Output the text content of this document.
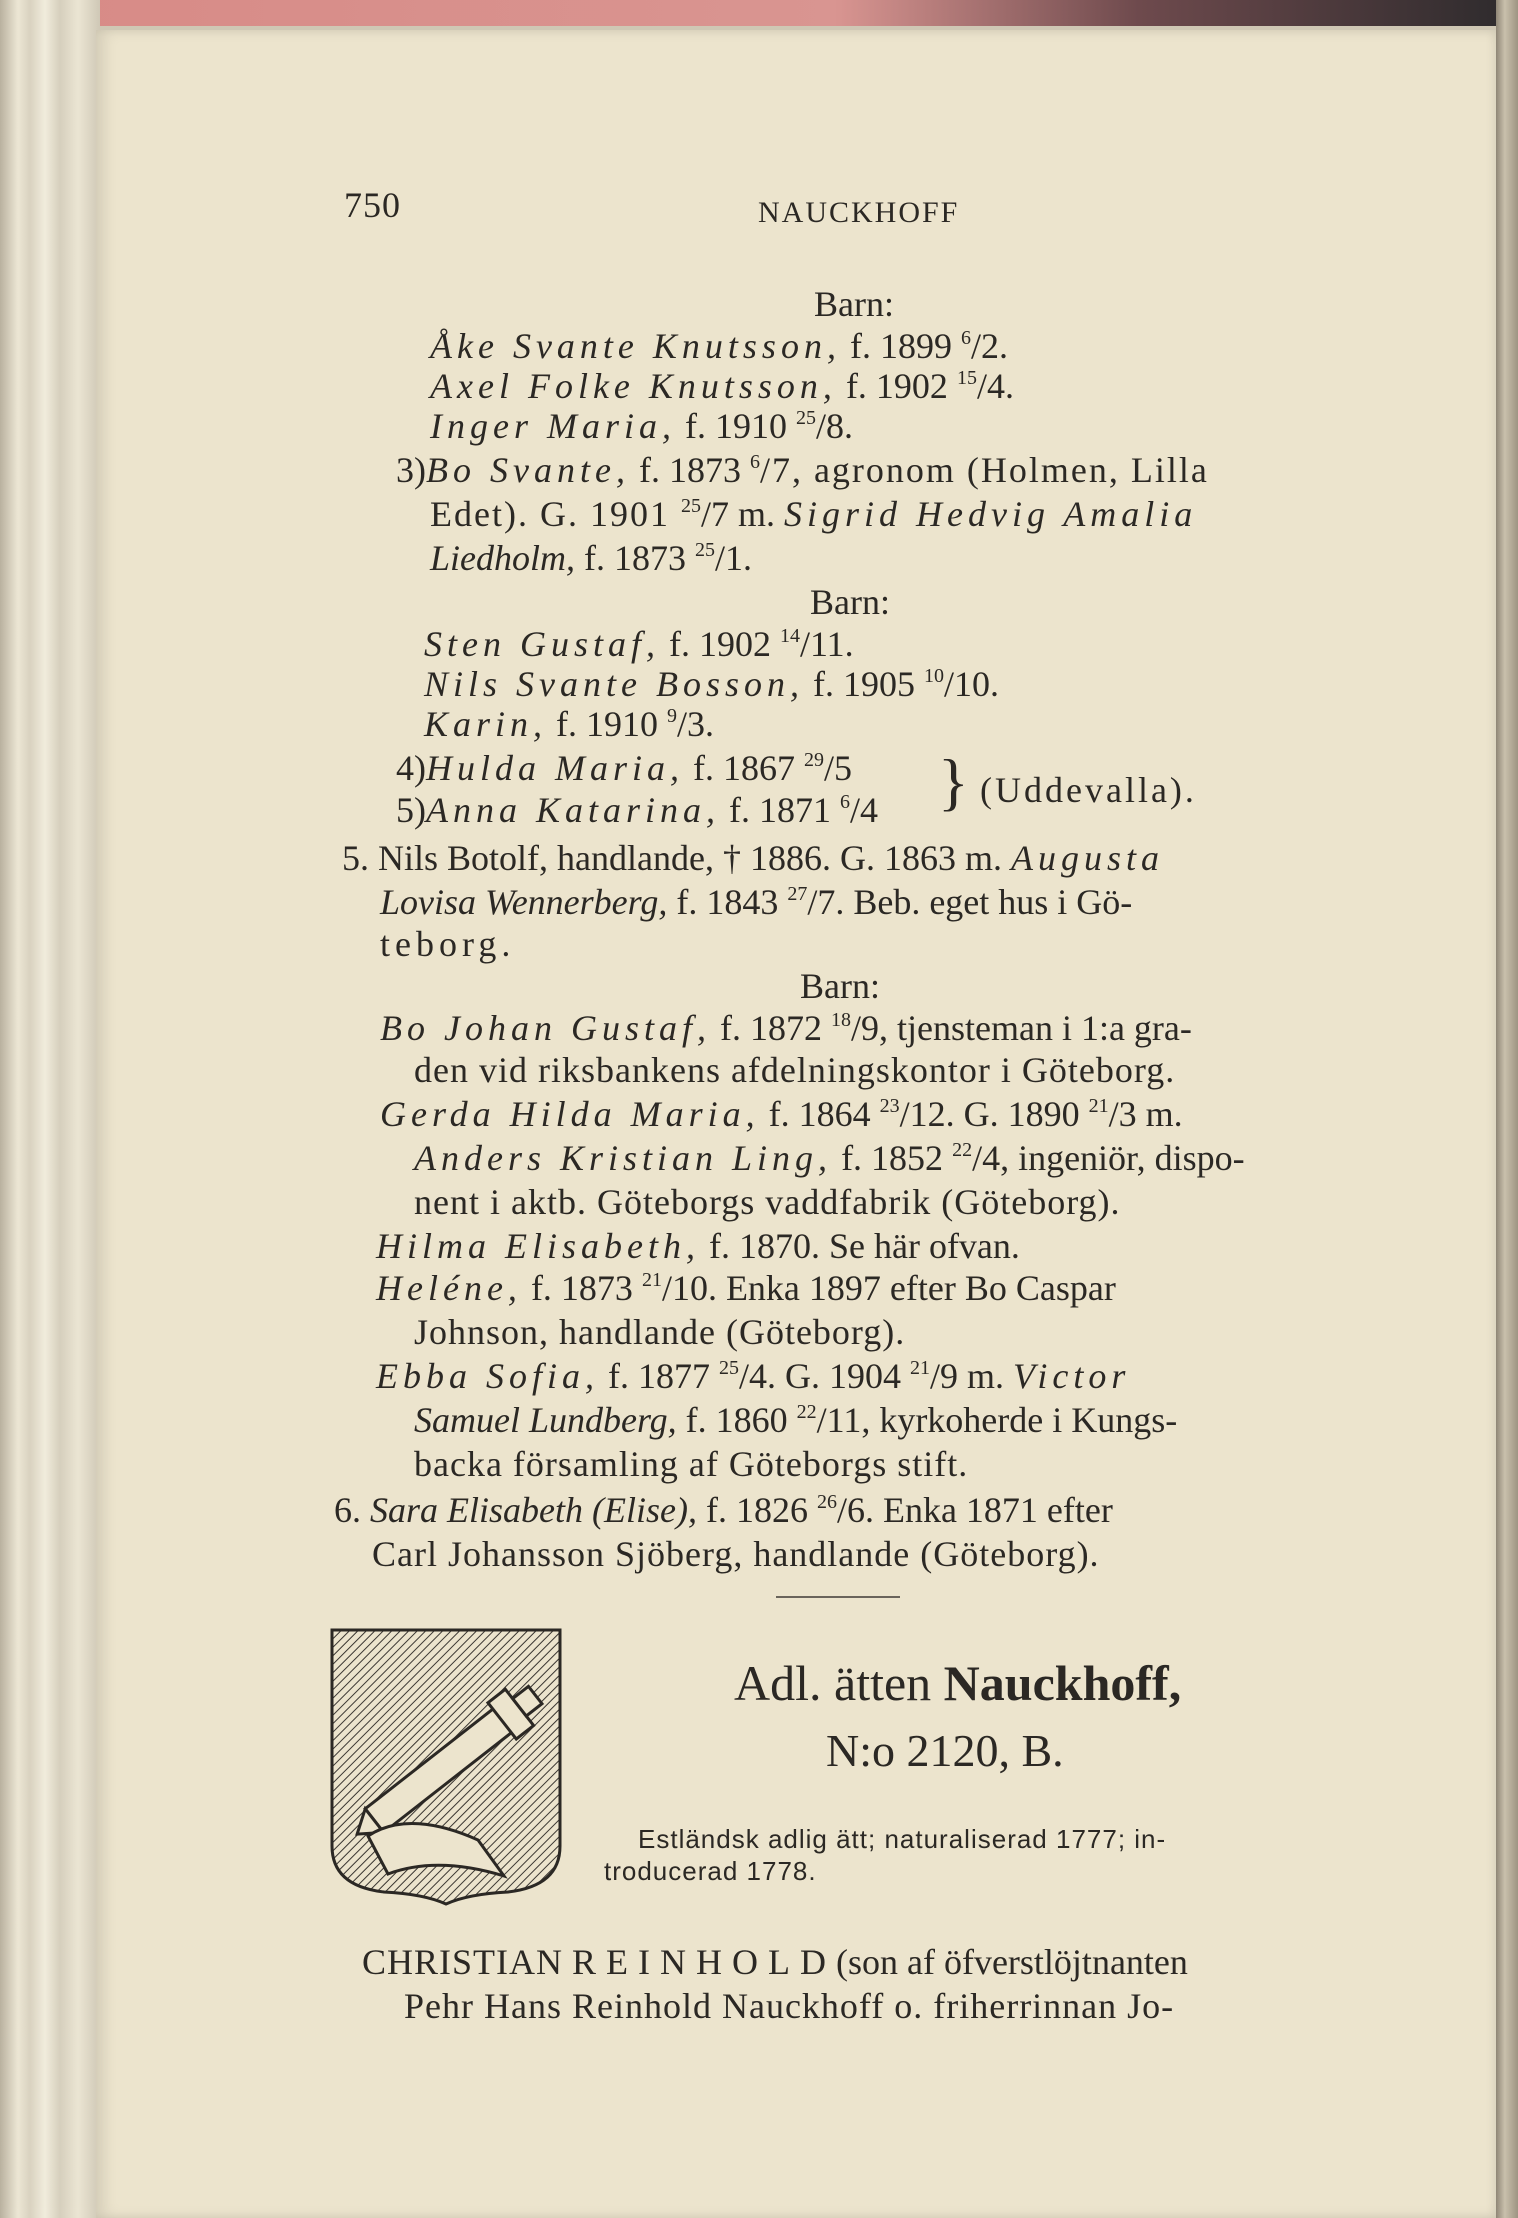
750	NAUCKHOFF
Barn:
Åke Svante Knutsson, f. 1899 $^6$/2.
Axel Folke Knutsson, f. 1902 $^{15}$/4.
Inger Maria, f. 1910 $^{25}$/8.
3)Bo Svante, f. 1873 $^6$/7, agronom (Holmen, Lilla
Edet). G. 1901 $^{25}$/7 m. Sigrid Hedvig Amalia
Liedholm, f. 1873 $^{25}$/1.
Barn:
Sten Gustaf, f. 1902 $^{14}$/11.
Nils Svante Bosson, f. 1905 $^{10}$/10.
Karin, f. 1910 $^9$/3.
4)Hulda Maria, f. 1867 $^{29}$/5
5)Anna Katarina, f. 1871 $^6$/4 } (Uddevalla).
5. Nils Botolf, handlande, † 1886. G. 1863 m. Augusta
Lovisa Wennerberg, f. 1843 $^{27}$/7. Beb. eget hus i Gö-
teborg.
Barn:
Bo Johan Gustaf, f. 1872 $^{18}$/9, tjensteman i 1:a gra-
den vid riksbankens afdelningskontor i Göteborg.
Gerda Hilda Maria, f. 1864 $^{23}$/12. G. 1890 $^{21}$/3 m.
Anders Kristian Ling, f. 1852 $^{22}$/4, ingeniör, dispo-
nent i aktb. Göteborgs vaddfabrik (Göteborg).
Hilma Elisabeth, f. 1870. Se här ofvan.
Heléne, f. 1873 $^{21}$/10. Enka 1897 efter Bo Caspar
Johnson, handlande (Göteborg).
Ebba Sofia, f. 1877 $^{25}$/4. G. 1904 $^{21}$/9 m. Victor
Samuel Lundberg, f. 1860 $^{22}$/11, kyrkoherde i Kungs-
backa församling af Göteborgs stift.
6. Sara Elisabeth (Elise), f. 1826 $^{26}$/6. Enka 1871 efter
Carl Johansson Sjöberg, handlande (Göteborg).
Adl. ätten Nauckhoff,
N:o 2120, B.
Estländsk adlig ätt; naturaliserad 1777; in-
troducerad 1778.
CHRISTIAN REINHOLD(son af öfverstlöjtnanten
Pehr Hans Reinhold Nauckhoff o. friherrinnan Jo-
